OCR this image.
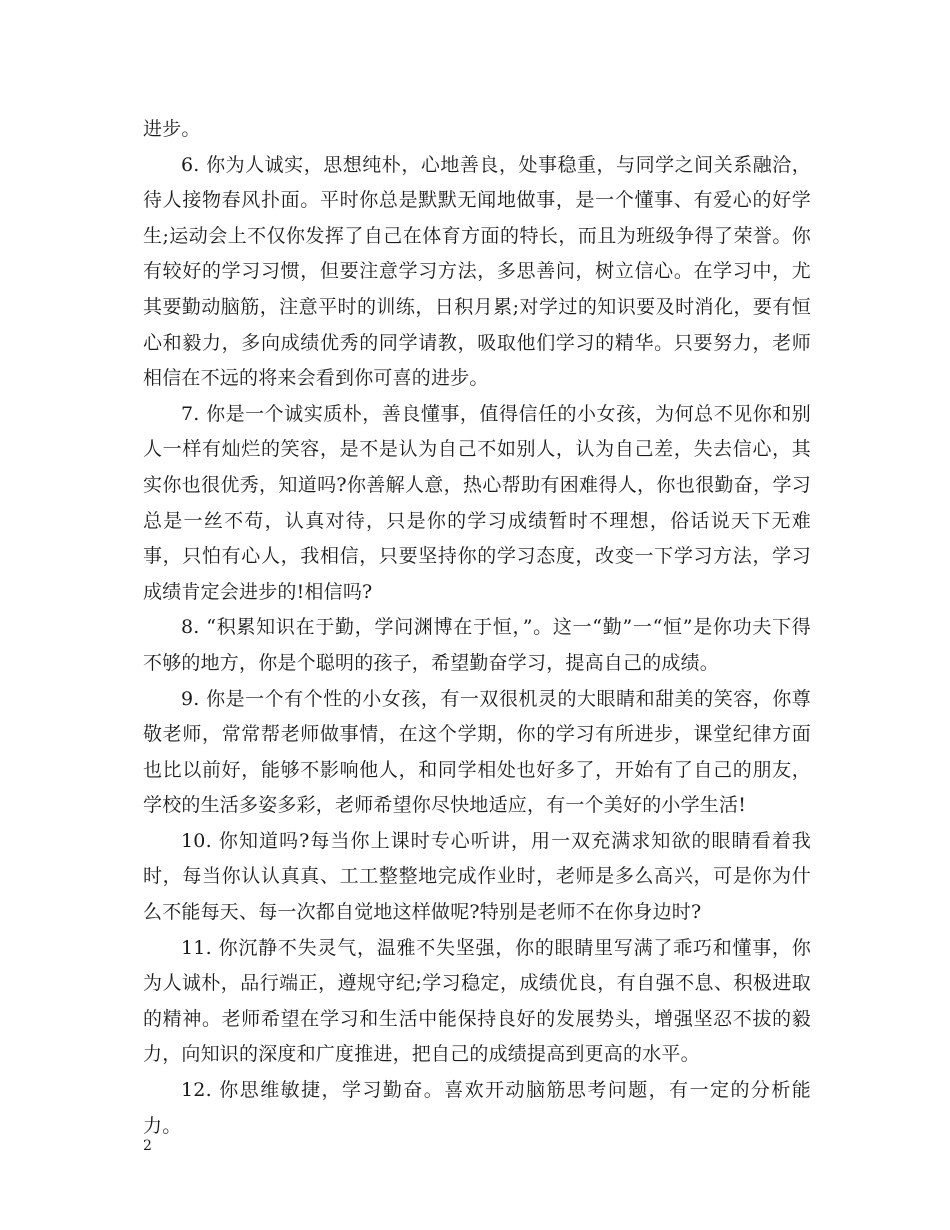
进步。

6. 你为人诚实，思想纯朴，心地善良，处事稳重，与同学之间关系融洽，待人接物春风扑面。平时你总是默默无闻地做事，是一个懂事、有爱心的好学生;运动会上不仅你发挥了自己在体育方面的特长，而且为班级争得了荣誉。你有较好的学习习惯，但要注意学习方法，多思善问，树立信心。在学习中，尤其要勤动脑筋，注意平时的训练，日积月累;对学过的知识要及时消化，要有恒心和毅力，多向成绩优秀的同学请教，吸取他们学习的精华。只要努力，老师相信在不远的将来会看到你可喜的进步。

7. 你是一个诚实质朴，善良懂事，值得信任的小女孩，为何总不见你和别人一样有灿烂的笑容，是不是认为自己不如别人，认为自己差，失去信心，其实你也很优秀，知道吗?你善解人意，热心帮助有困难得人，你也很勤奋，学习总是一丝不苟，认真对待，只是你的学习成绩暂时不理想，俗话说天下无难事，只怕有心人，我相信，只要坚持你的学习态度，改变一下学习方法，学习成绩肯定会进步的!相信吗?

8. “积累知识在于勤，学问渊博在于恒，”。这一“勤”一“恒”是你功夫下得不够的地方，你是个聪明的孩子，希望勤奋学习，提高自己的成绩。

9. 你是一个有个性的小女孩，有一双很机灵的大眼睛和甜美的笑容，你尊敬老师，常常帮老师做事情，在这个学期，你的学习有所进步，课堂纪律方面也比以前好，能够不影响他人，和同学相处也好多了，开始有了自己的朋友，学校的生活多姿多彩，老师希望你尽快地适应，有一个美好的小学生活!

10. 你知道吗?每当你上课时专心听讲，用一双充满求知欲的眼睛看着我时，每当你认认真真、工工整整地完成作业时，老师是多么高兴，可是你为什么不能每天、每一次都自觉地这样做呢?特别是老师不在你身边时?

11. 你沉静不失灵气，温雅不失坚强，你的眼睛里写满了乖巧和懂事，你为人诚朴，品行端正，遵规守纪;学习稳定，成绩优良，有自强不息、积极进取的精神。老师希望在学习和生活中能保持良好的发展势头，增强坚忍不拔的毅力，向知识的深度和广度推进，把自己的成绩提高到更高的水平。

12. 你思维敏捷，学习勤奋。喜欢开动脑筋思考问题，有一定的分析能力。

2
